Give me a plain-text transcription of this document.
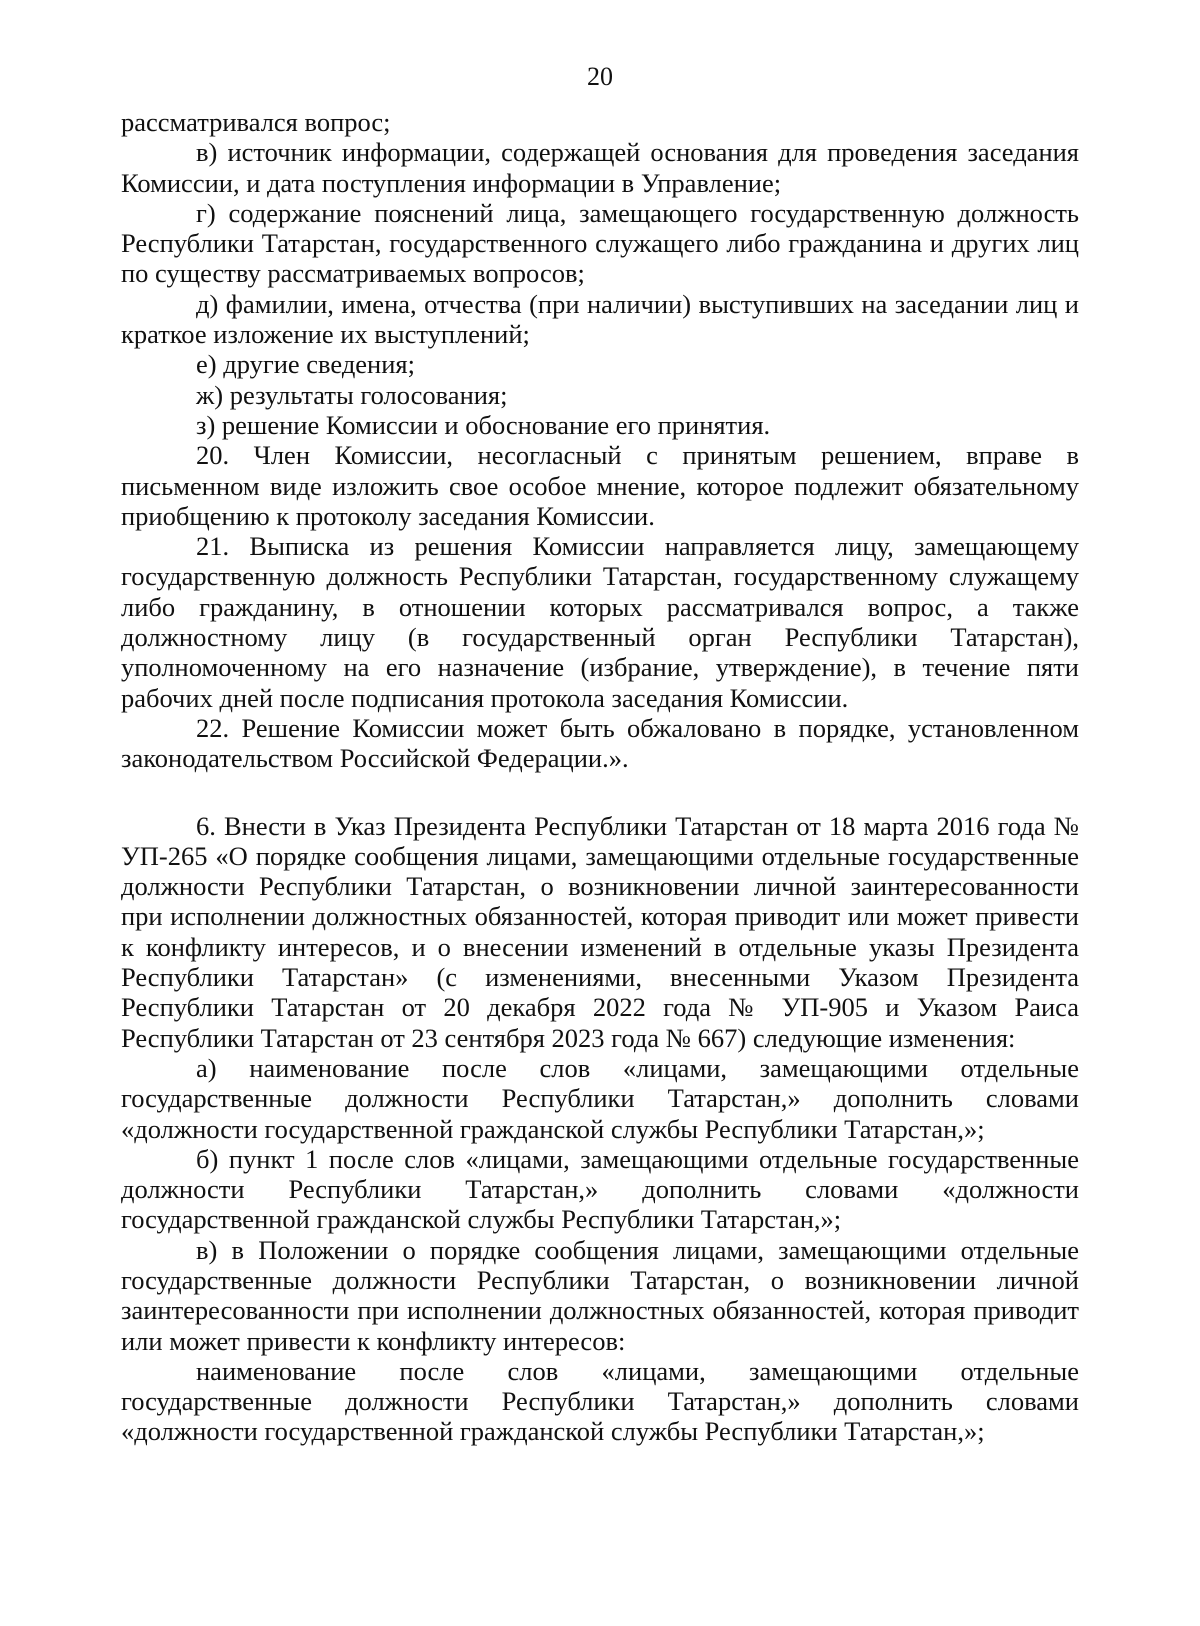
20

рассматривался вопрос;

в) источник информации, содержащей основания для проведения заседания Комиссии, и дата поступления информации в Управление;

г) содержание пояснений лица, замещающего государственную должность Республики Татарстан, государственного служащего либо гражданина и других лиц по существу рассматриваемых вопросов;

д) фамилии, имена, отчества (при наличии) выступивших на заседании лиц и краткое изложение их выступлений;

е) другие сведения;

ж) результаты голосования;

з) решение Комиссии и обоснование его принятия.

20. Член Комиссии, несогласный с принятым решением, вправе в письменном виде изложить свое особое мнение, которое подлежит обязательному приобщению к протоколу заседания Комиссии.

21. Выписка из решения Комиссии направляется лицу, замещающему государственную должность Республики Татарстан, государственному служащему либо гражданину, в отношении которых рассматривался вопрос, а также должностному лицу (в государственный орган Республики Татарстан), уполномоченному на его назначение (избрание, утверждение), в течение пяти рабочих дней после подписания протокола заседания Комиссии.

22. Решение Комиссии может быть обжаловано в порядке, установленном законодательством Российской Федерации.».

6. Внести в Указ Президента Республики Татарстан от 18 марта 2016 года № УП-265 «О порядке сообщения лицами, замещающими отдельные государственные должности Республики Татарстан, о возникновении личной заинтересованности при исполнении должностных обязанностей, которая приводит или может привести к конфликту интересов, и о внесении изменений в отдельные указы Президента Республики Татарстан» (с изменениями, внесенными Указом Президента Республики Татарстан от 20 декабря 2022 года № УП-905 и Указом Раиса Республики Татарстан от 23 сентября 2023 года № 667) следующие изменения:

а) наименование после слов «лицами, замещающими отдельные государственные должности Республики Татарстан,» дополнить словами «должности государственной гражданской службы Республики Татарстан,»;

б) пункт 1 после слов «лицами, замещающими отдельные государственные должности Республики Татарстан,» дополнить словами «должности государственной гражданской службы Республики Татарстан,»;

в) в Положении о порядке сообщения лицами, замещающими отдельные государственные должности Республики Татарстан, о возникновении личной заинтересованности при исполнении должностных обязанностей, которая приводит или может привести к конфликту интересов:

наименование после слов «лицами, замещающими отдельные государственные должности Республики Татарстан,» дополнить словами «должности государственной гражданской службы Республики Татарстан,»;
